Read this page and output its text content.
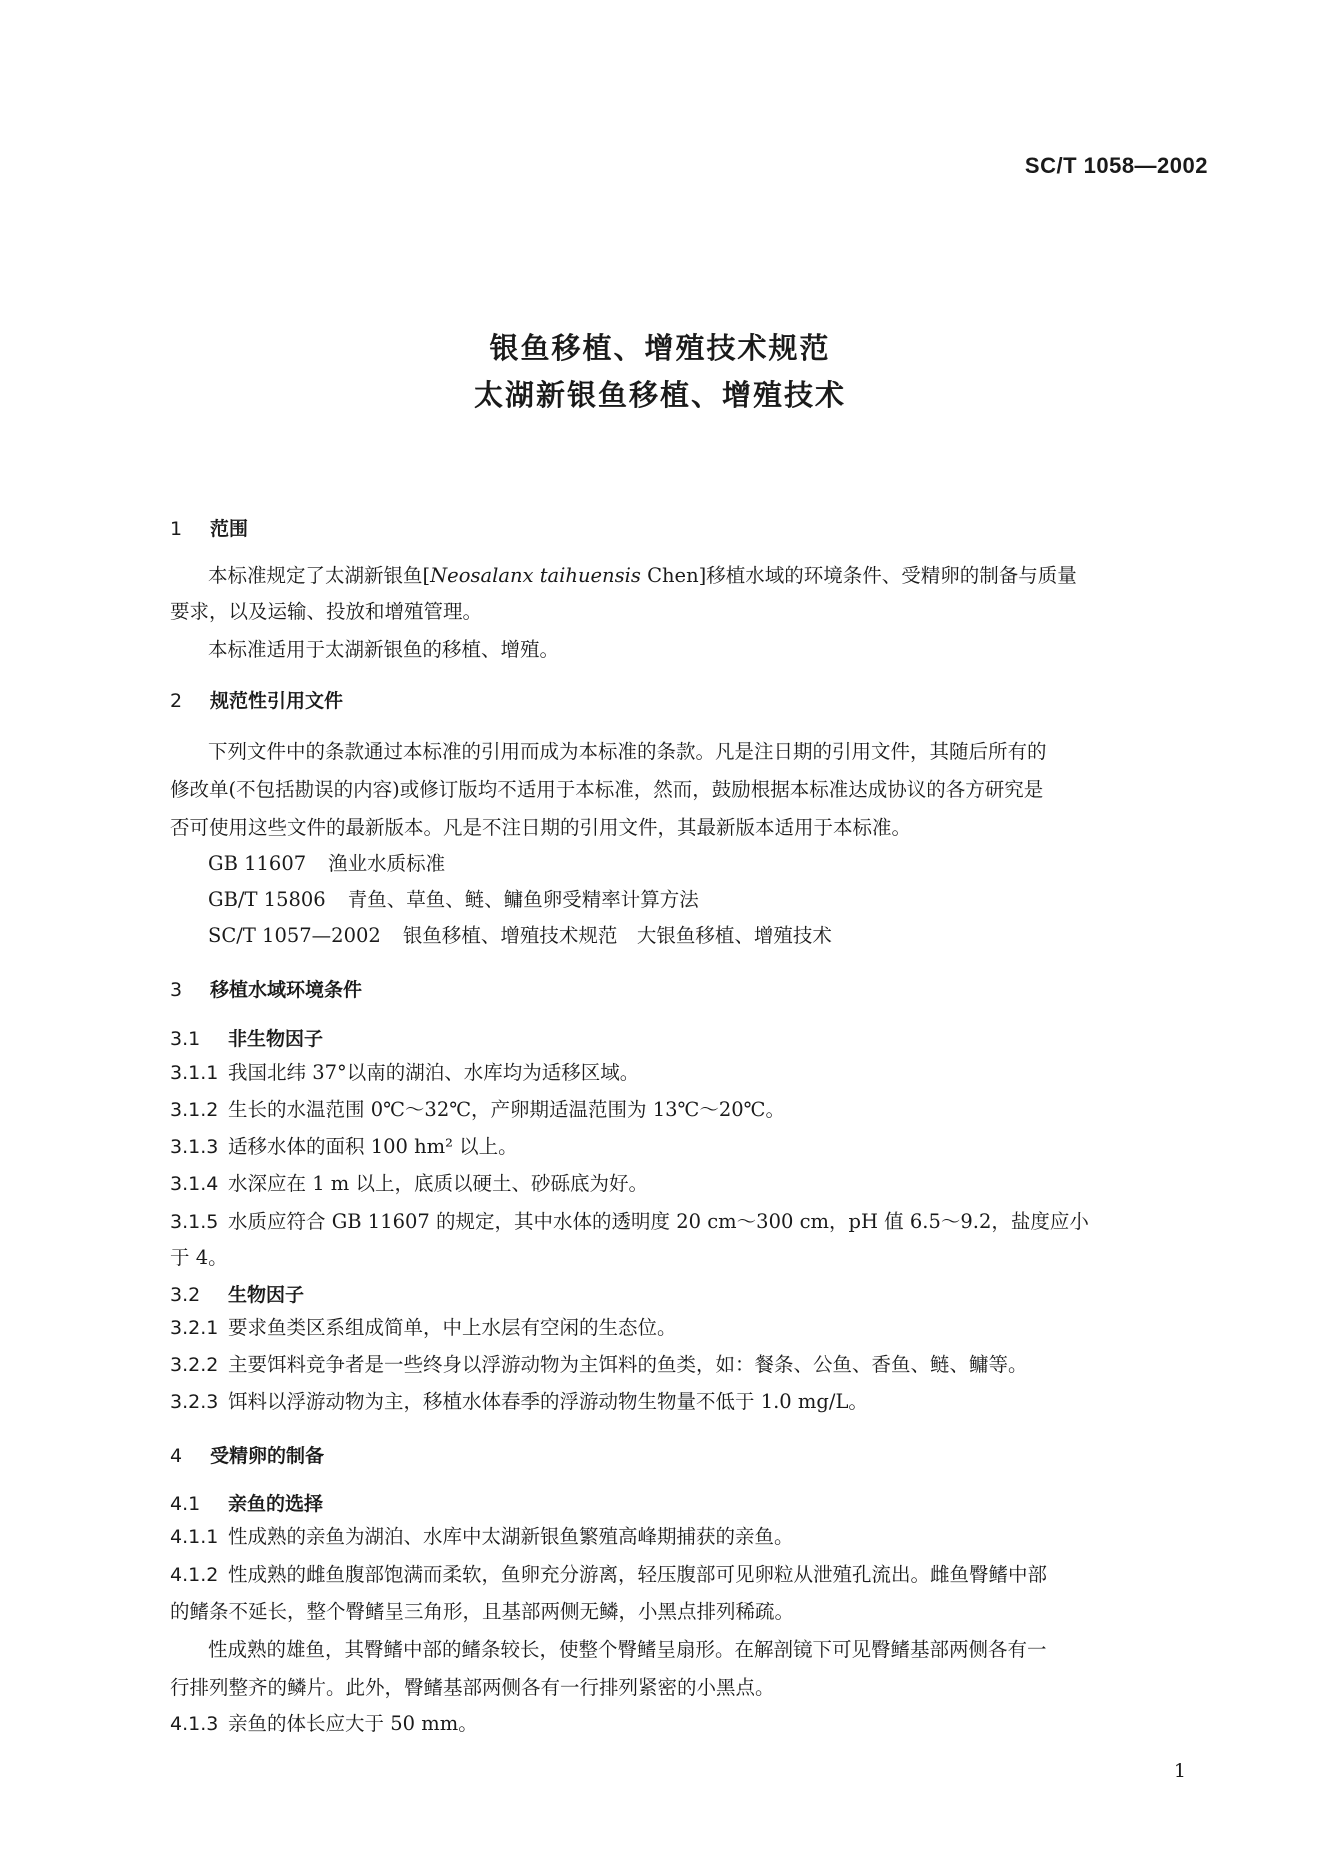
SC/T 1058—2002
银鱼移植、增殖技术规范
太湖新银鱼移植、增殖技术
1 范围
本标准规定了太湖新银鱼[Neosalanx taihuensis Chen]移植水域的环境条件、受精卵的制备与质量
要求，以及运输、投放和增殖管理。
本标准适用于太湖新银鱼的移植、增殖。
2 规范性引用文件
下列文件中的条款通过本标准的引用而成为本标准的条款。凡是注日期的引用文件，其随后所有的
修改单(不包括勘误的内容)或修订版均不适用于本标准，然而，鼓励根据本标准达成协议的各方研究是
否可使用这些文件的最新版本。凡是不注日期的引用文件，其最新版本适用于本标准。
GB 11607 渔业水质标准
GB/T 15806 青鱼、草鱼、鲢、鳙鱼卵受精率计算方法
SC/T 1057—2002 银鱼移植、增殖技术规范　大银鱼移植、增殖技术
3 移植水域环境条件
3.1 非生物因子
3.1.1 我国北纬 37°以南的湖泊、水库均为适移区域。
3.1.2 生长的水温范围 0℃～32℃，产卵期适温范围为 13℃～20℃。
3.1.3 适移水体的面积 100 hm² 以上。
3.1.4 水深应在 1 m 以上，底质以硬土、砂砾底为好。
3.1.5 水质应符合 GB 11607 的规定，其中水体的透明度 20 cm～300 cm，pH 值 6.5～9.2，盐度应小
于 4。
3.2 生物因子
3.2.1 要求鱼类区系组成简单，中上水层有空闲的生态位。
3.2.2 主要饵料竞争者是一些终身以浮游动物为主饵料的鱼类，如：餐条、公鱼、香鱼、鲢、鳙等。
3.2.3 饵料以浮游动物为主，移植水体春季的浮游动物生物量不低于 1.0 mg/L。
4 受精卵的制备
4.1 亲鱼的选择
4.1.1 性成熟的亲鱼为湖泊、水库中太湖新银鱼繁殖高峰期捕获的亲鱼。
4.1.2 性成熟的雌鱼腹部饱满而柔软，鱼卵充分游离，轻压腹部可见卵粒从泄殖孔流出。雌鱼臀鳍中部
的鳍条不延长，整个臀鳍呈三角形，且基部两侧无鳞，小黑点排列稀疏。
性成熟的雄鱼，其臀鳍中部的鳍条较长，使整个臀鳍呈扇形。在解剖镜下可见臀鳍基部两侧各有一
行排列整齐的鳞片。此外，臀鳍基部两侧各有一行排列紧密的小黑点。
4.1.3 亲鱼的体长应大于 50 mm。
1
